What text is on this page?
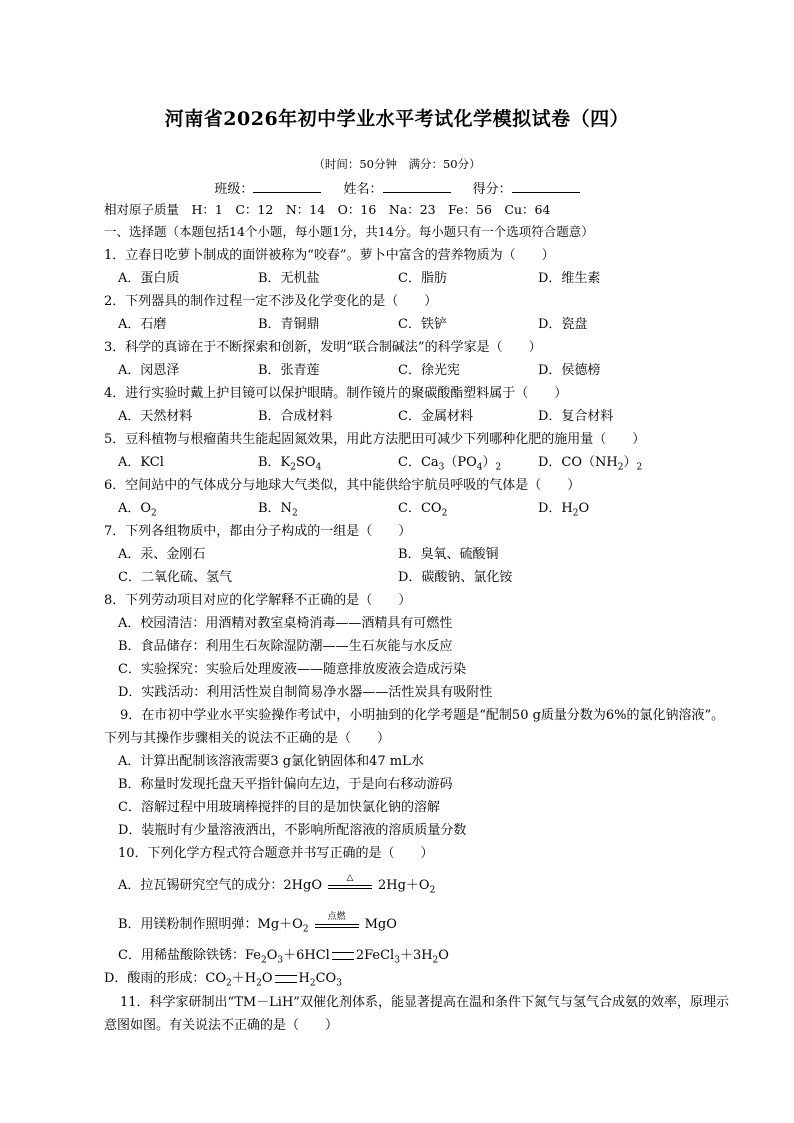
河南省2026年初中学业水平考试化学模拟试卷（四）
（时间：50分钟　满分：50分）
班级：	姓名：	得分：
相对原子质量　H：1　C：12　N：14　O：16　Na：23　Fe：56　Cu：64
一、选择题（本题包括14个小题，每小题1分，共14分。每小题只有一个选项符合题意）
1．立春日吃萝卜制成的面饼被称为“咬春”。萝卜中富含的营养物质为（　　）
A．蛋白质	B．无机盐	C．脂肪	D．维生素
2．下列器具的制作过程一定不涉及化学变化的是（　　）
A．石磨	B．青铜鼎	C．铁铲	D．瓷盘
3．科学的真谛在于不断探索和创新，发明“联合制碱法”的科学家是（　　）
A．闵恩泽	B．张青莲	C．徐光宪	D．侯德榜
4．进行实验时戴上护目镜可以保护眼睛。制作镜片的聚碳酸酯塑料属于（　　）
A．天然材料	B．合成材料	C．金属材料	D．复合材料
5．豆科植物与根瘤菌共生能起固氮效果，用此方法肥田可减少下列哪种化肥的施用量（　　）
A．KCl	B．$K_2SO_4$	C．$Ca_3(PO_4)_2$	D．$CO(NH_2)_2$
6．空间站中的气体成分与地球大气类似，其中能供给宇航员呼吸的气体是（　　）
A．$O_2$	B．$N_2$	C．$CO_2$	D．$H_2O$
7．下列各组物质中，都由分子构成的一组是（　　）
A．汞、金刚石	B．臭氧、硫酸铜
C．二氧化硫、氢气	D．碳酸钠、氯化铵
8．下列劳动项目对应的化学解释不正确的是（　　）
A．校园清洁：用酒精对教室桌椅消毒——酒精具有可燃性
B．食品储存：利用生石灰除湿防潮——生石灰能与水反应
C．实验探究：实验后处理废液——随意排放废液会造成污染
D．实践活动：利用活性炭自制简易净水器——活性炭具有吸附性
9．在市初中学业水平实验操作考试中，小明抽到的化学考题是“配制50 g质量分数为6%的氯化钠溶液”。下列与其操作步骤相关的说法不正确的是（　　）
A．计算出配制该溶液需要3 g氯化钠固体和47 mL水
B．称量时发现托盘天平指针偏向左边，于是向右移动游码
C．溶解过程中用玻璃棒搅拌的目的是加快氯化钠的溶解
D．装瓶时有少量溶液洒出，不影响所配溶液的溶质质量分数
10．下列化学方程式符合题意并书写正确的是（　　）
A．拉瓦锡研究空气的成分：2HgO
△
$2Hg+O_2$
B．用镁粉制作照明弹：$Mg+O_2$
点燃
MgO
C．用稀盐酸除铁锈：$Fe_2O_3+6HCl$ $2FeCl_3+3H_2O$
D．酸雨的形成：$CO_2+H_2O$ $H_2CO_3$
11．科学家研制出“TM－LiH”双催化剂体系，能显著提高在温和条件下氮气与氢气合成氨的效率，原理示意图如图。有关说法不正确的是（　　）
